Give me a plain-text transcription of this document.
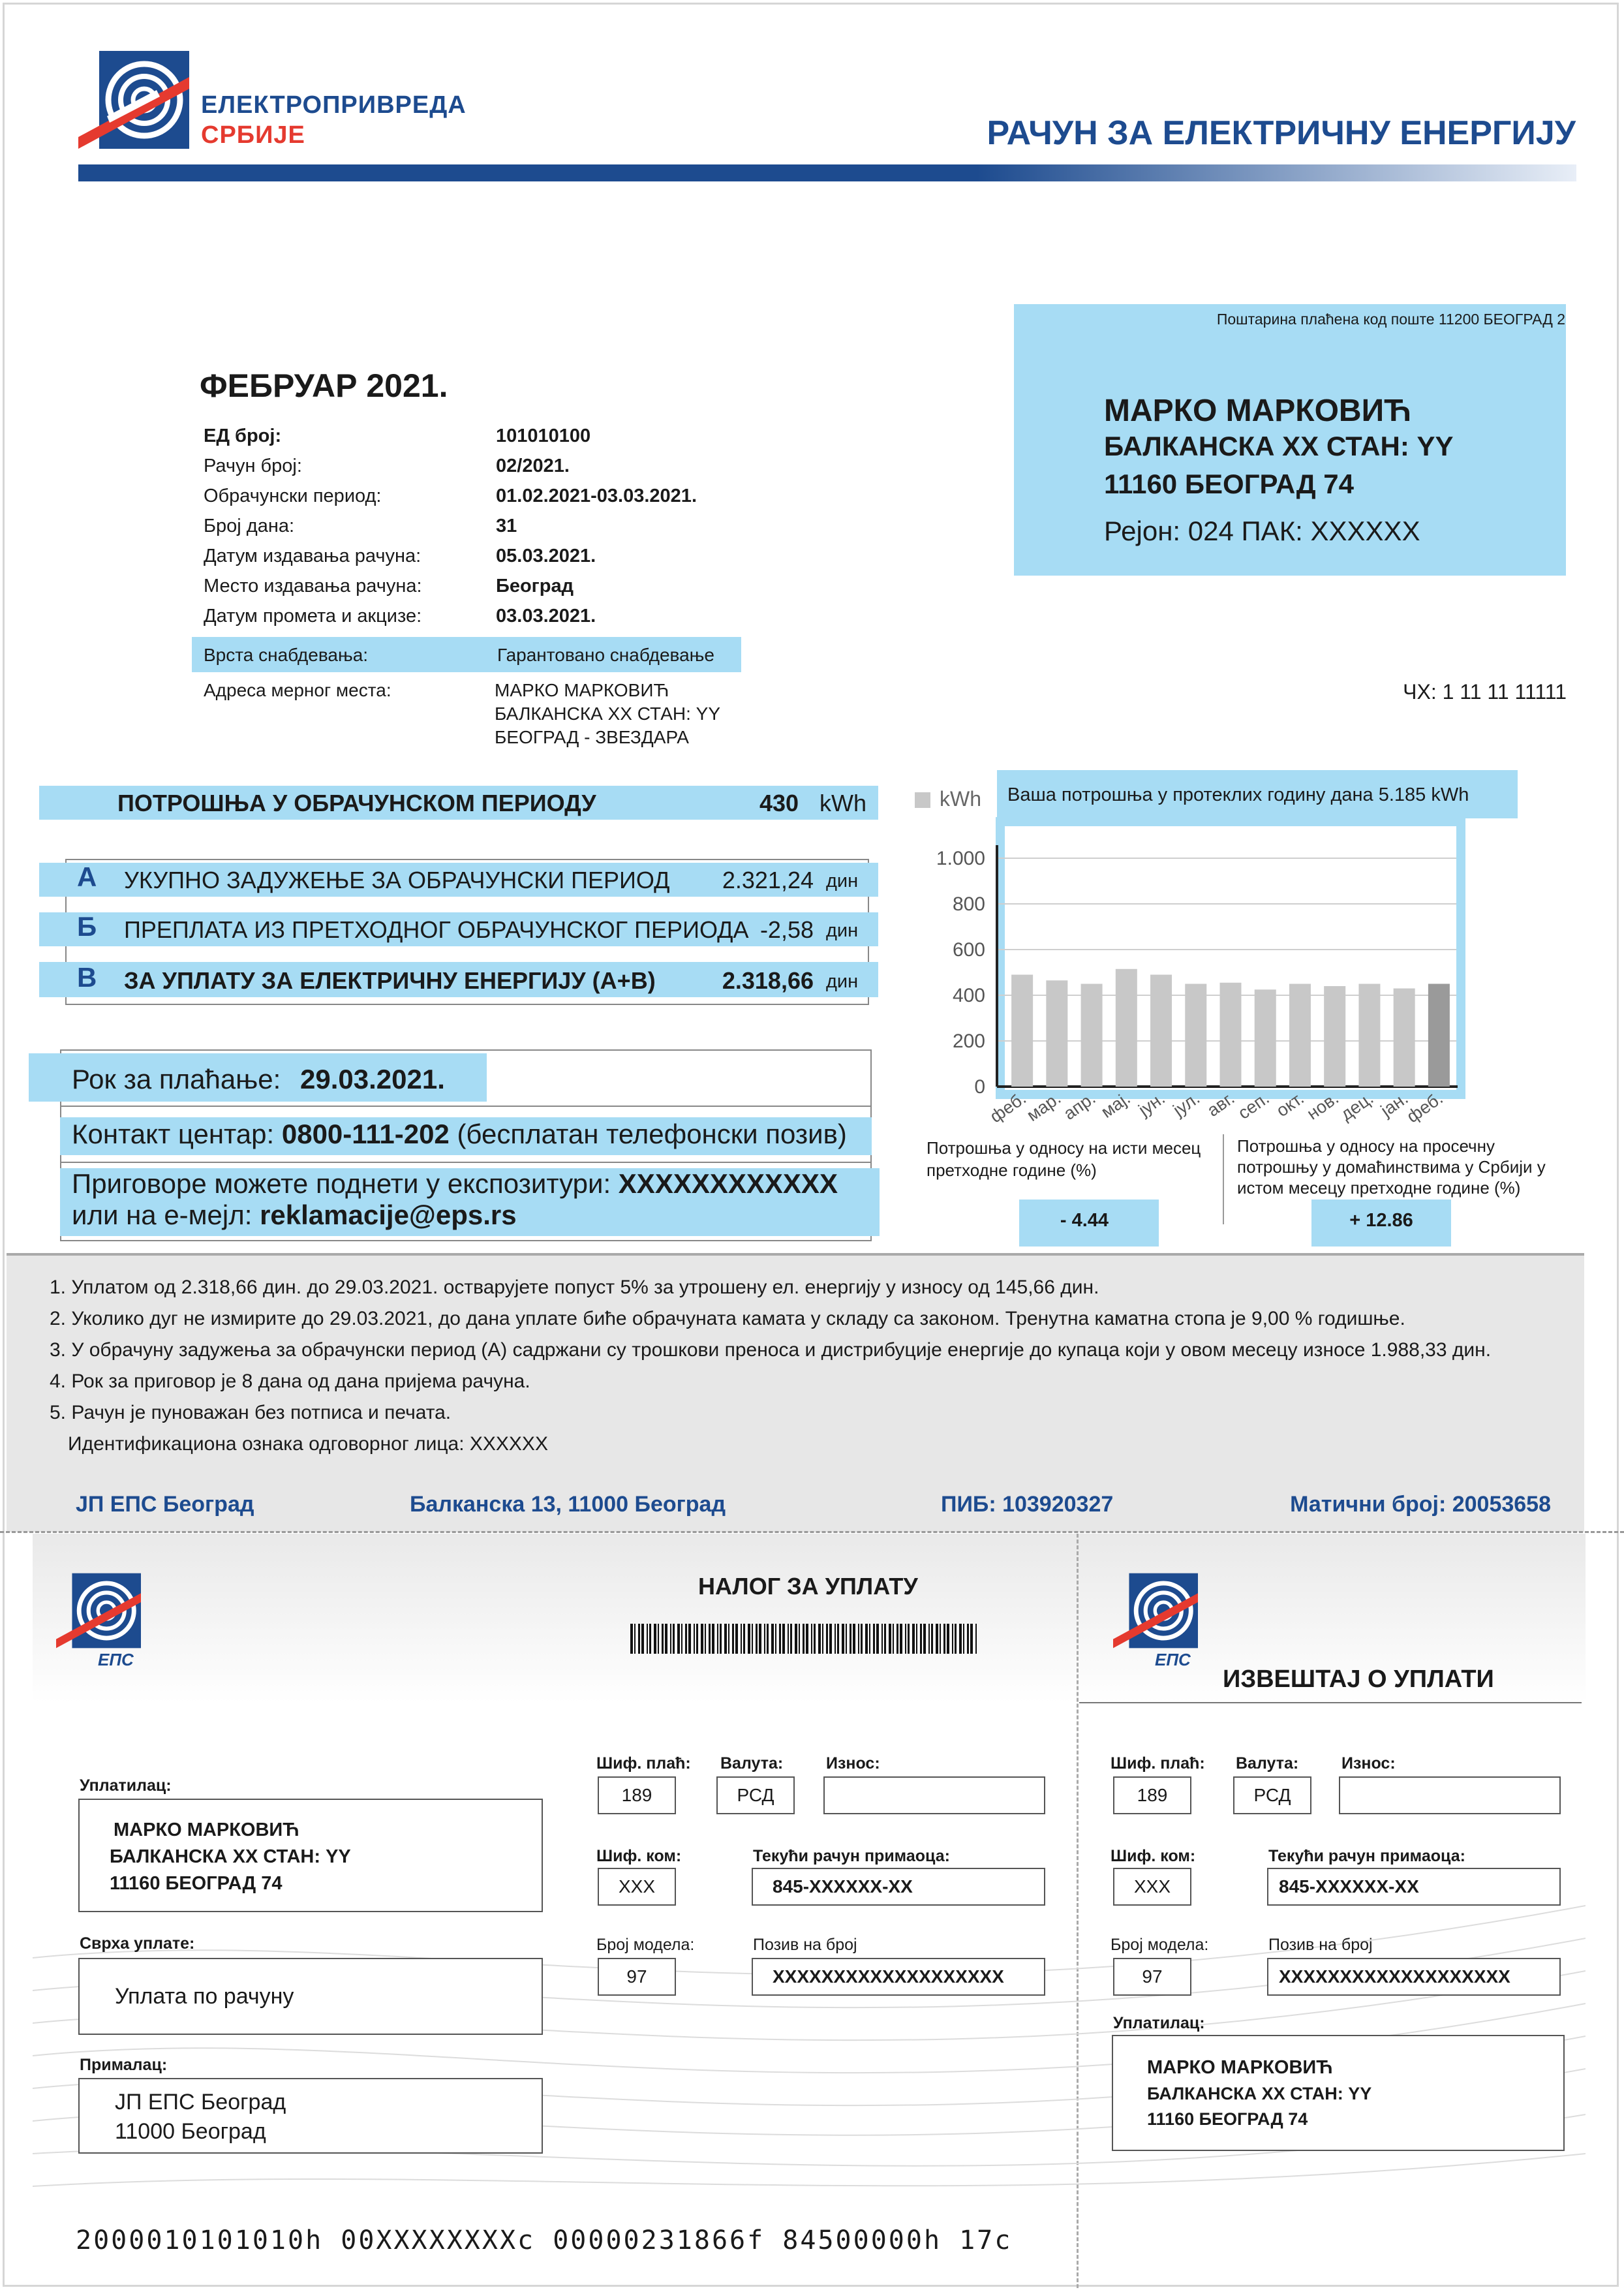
ЕЛЕКТРОПРИВРЕДА
СРБИЈЕ	РАЧУН ЗА ЕЛЕКТРИЧНУ ЕНЕРГИЈУ
Поштарина плаћена код поште 11200 БЕОГРАД 2
МАРКО МАРКОВИЋ
БАЛКАНСКА XX СТАН: YY
11160 БЕОГРАД 74
Рејон: 024 ПАК: XXXXXX
ЧХ: 1 11 11 11111
ФЕБРУАР 2021.
ЕД број:	101010100
Рачун број:	02/2021.
Обрачунски период:	01.02.2021-03.03.2021.
Број дана:	31
Датум издавања рачуна:	05.03.2021.
Место издавања рачуна:	Београд
Датум промета и акцизе:	03.03.2021.
Врста снабдевања:	Гарантовано снабдевање
Адреса мерног места:	МАРКО МАРКОВИЋ
БАЛКАНСКА XX СТАН: YY
БЕОГРАД - ЗВЕЗДАРА
ПОТРОШЊА У ОБРАЧУНСКОМ ПЕРИОДУ	430 kWh
А УКУПНО ЗАДУЖЕЊЕ ЗА ОБРАЧУНСКИ ПЕРИОД	2.321,24 дин
Б ПРЕПЛАТА ИЗ ПРЕТХОДНОГ ОБРАЧУНСКОГ ПЕРИОДА -2,58 дин
В ЗА УПЛАТУ ЗА ЕЛЕКТРИЧНУ ЕНЕРГИЈУ (А+В)	2.318,66 дин
Рок за плаћање: 29.03.2021.
Контакт центар: 0800-111-202 (бесплатан телефонски позив)
Приговоре можете поднети у експозитури: XXXXXXXXXXXX
или на е-мејл: reklamacije@eps.rs
kWh Ваша потрошња у протеклих годину дана 5.185 kWh
0
200
400
600
800
1.000
феб.
мар.
апр.
мај. јун. јул. авг.
сеп. окт.
нов.
дец. јан.
феб.
Потрошња у односу на исти месец претходне године (%)
Потрошња у односу на просечну потрошњу у домаћинствима у Србији у истом месецу претходне године (%)
- 4.44	+ 12.86
1. Уплатом од 2.318,66 дин. до 29.03.2021. остварујете попуст 5% за утрошену ел. енергију у износу од 145,66 дин.
2. Уколико дуг не измирите до 29.03.2021, до дана уплате биће обрачуната камата у складу са законом. Тренутна каматна стопа је 9,00 % годишње.
3. У обрачуну задужења за обрачунски период (А) садржани су трошкови преноса и дистрибуције енергије до купаца који у овом месецу износе 1.988,33 дин.
4. Рок за приговор је 8 дана од дана пријема рачуна.
5. Рачун је пуноважан без потписа и печата.
Идентификациона ознака одговорног лица: XXXXXX
ЈП ЕПС Београд	Балканска 13, 11000 Београд	ПИБ: 103920327	Матични број: 20053658
ЕПС	ЕПС
НАЛОГ ЗА УПЛАТУ
ИЗВЕШТАЈ О УПЛАТИ
Уплатилац:
МАРКО МАРКОВИЋ
БАЛКАНСКА XX СТАН: YY
11160 БЕОГРАД 74
Сврха уплате:
Уплата по рачуну
Прималац:
ЈП ЕПС Београд
11000 Београд
Шиф. плаћ:
189
Валута:
РСД
Износ:
Шиф. ком:
XXX
Текући рачун примаоца:
845-XXXXXX-XX
Број модела:
97
Позив на број
XXXXXXXXXXXXXXXXXXX
Шиф. плаћ:
189
Валута:
РСД
Износ:
Шиф. ком:
XXX
Текући рачун примаоца:
845-XXXXXX-XX
Број модела:
97
Позив на број
XXXXXXXXXXXXXXXXXXX
Уплатилац:
МАРКО МАРКОВИЋ
БАЛКАНСКА XX СТАН: YY
11160 БЕОГРАД 74
2000010101010h 00XXXXXXXXc 000002318​66f 84500000h 17c
